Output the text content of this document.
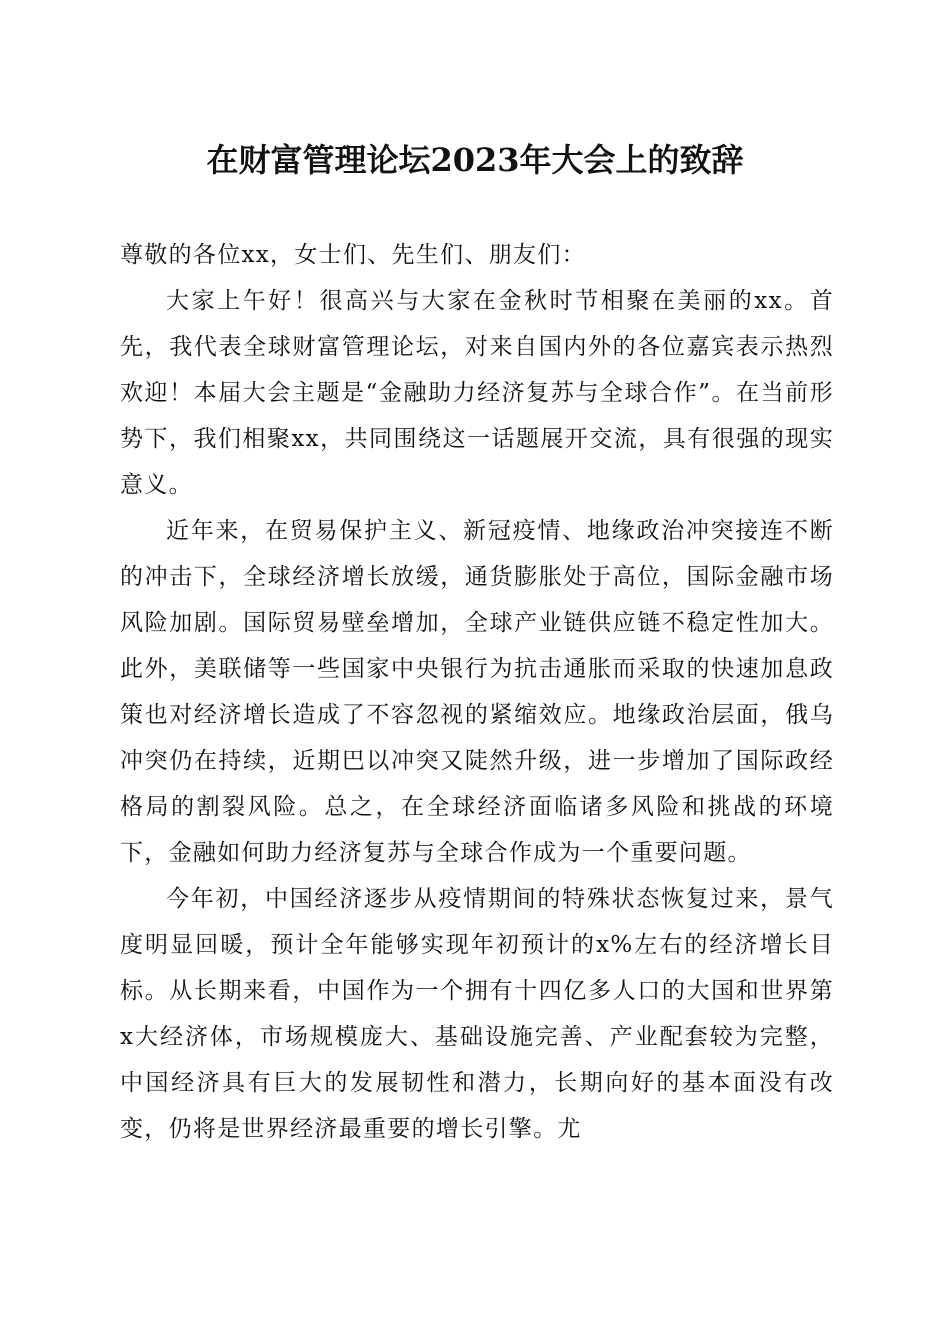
在财富管理论坛2023年大会上的致辞

尊敬的各位xx，女士们、先生们、朋友们：

大家上午好！很高兴与大家在金秋时节相聚在美丽的xx。首先，我代表全球财富管理论坛，对来自国内外的各位嘉宾表示热烈欢迎！本届大会主题是“金融助力经济复苏与全球合作”。在当前形势下，我们相聚xx，共同围绕这一话题展开交流，具有很强的现实意义。

近年来，在贸易保护主义、新冠疫情、地缘政治冲突接连不断的冲击下，全球经济增长放缓，通货膨胀处于高位，国际金融市场风险加剧。国际贸易壁垒增加，全球产业链供应链不稳定性加大。此外，美联储等一些国家中央银行为抗击通胀而采取的快速加息政策也对经济增长造成了不容忽视的紧缩效应。地缘政治层面，俄乌冲突仍在持续，近期巴以冲突又陡然升级，进一步增加了国际政经格局的割裂风险。总之，在全球经济面临诸多风险和挑战的环境下，金融如何助力经济复苏与全球合作成为一个重要问题。

今年初，中国经济逐步从疫情期间的特殊状态恢复过来，景气度明显回暖，预计全年能够实现年初预计的x%左右的经济增长目标。从长期来看，中国作为一个拥有十四亿多人口的大国和世界第x大经济体，市场规模庞大、基础设施完善、产业配套较为完整，中国经济具有巨大的发展韧性和潜力，长期向好的基本面没有改变，仍将是世界经济最重要的增长引擎。尤
